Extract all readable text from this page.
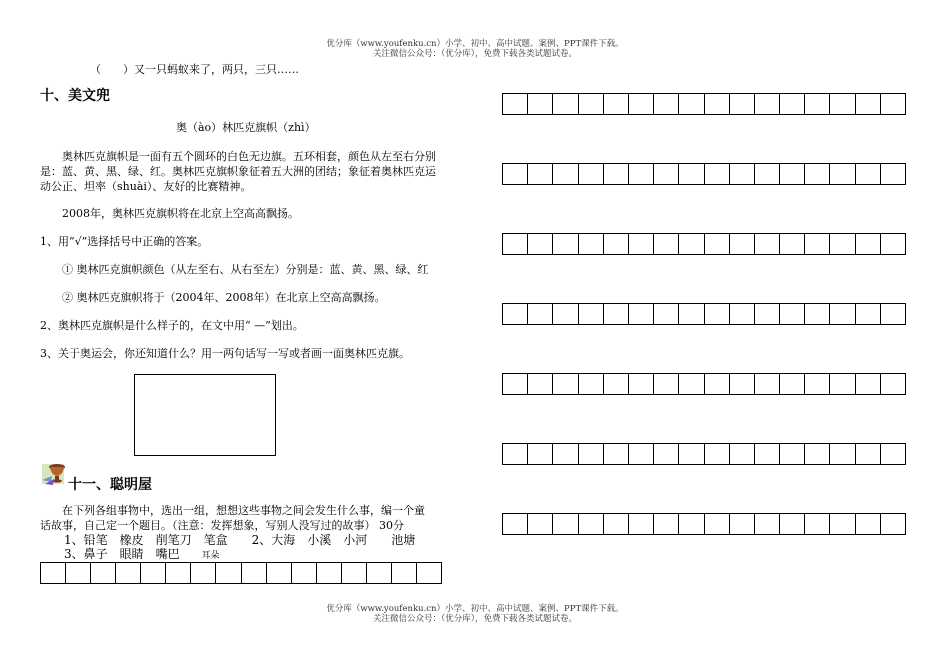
优分库（www.youfenku.cn）小学、初中、高中试题、案例、PPT课件下载。
关注微信公众号：（优分库），免费下载各类试题试卷。
（　　）又一只蚂蚁来了，两只，三只……
十、美文兜
奥（ào）林匹克旗帜（zhì）
奥林匹克旗帜是一面有五个圆环的白色无边旗。五环相套，颜色从左至右分别
是：蓝、黄、黑、绿、红。奥林匹克旗帜象征着五大洲的团结；象征着奥林匹克运
动公正、坦率（shuài）、友好的比赛精神。
2008年，奥林匹克旗帜将在北京上空高高飘扬。
1、用“√”选择括号中正确的答案。
① 奥林匹克旗帜颜色（从左至右、从右至左）分别是：蓝、黄、黑、绿、红
② 奥林匹克旗帜将于（2004年、2008年）在北京上空高高飘扬。
2、奥林匹克旗帜是什么样子的，在文中用“ —”划出。
3、关于奥运会，你还知道什么？用一两句话写一写或者画一面奥林匹克旗。
十一、聪明屋
在下列各组事物中，选出一组，想想这些事物之间会发生什么事，编一个童
话故事，自己定一个题目。（注意：发挥想象，写别人没写过的故事） 30分
1、铅笔　橡皮　削笔刀　笔盒　　2、大海　小溪　小河　　池塘
3、鼻子　眼睛　嘴巴 耳朵
优分库（www.youfenku.cn）小学、初中、高中试题、案例、PPT课件下载。
关注微信公众号：（优分库），免费下载各类试题试卷。
